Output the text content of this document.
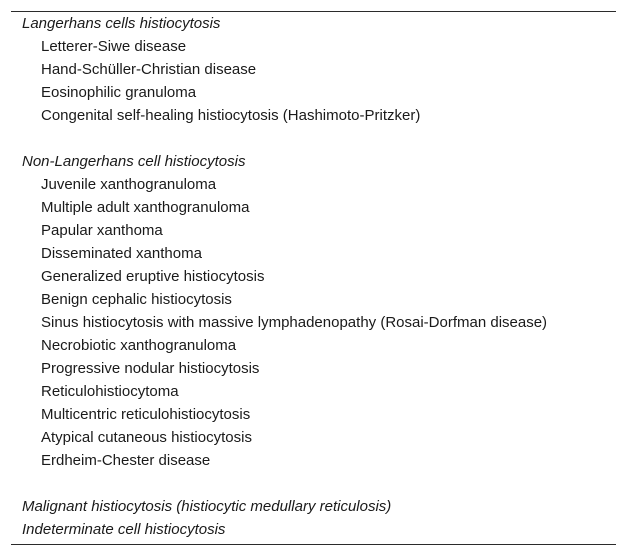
Langerhans cells histiocytosis
Letterer-Siwe disease
Hand-Schüller-Christian disease
Eosinophilic granuloma
Congenital self-healing histiocytosis (Hashimoto-Pritzker)
Non-Langerhans cell histiocytosis
Juvenile xanthogranuloma
Multiple adult xanthogranuloma
Papular xanthoma
Disseminated xanthoma
Generalized eruptive histiocytosis
Benign cephalic histiocytosis
Sinus histiocytosis with massive lymphadenopathy (Rosai-Dorfman disease)
Necrobiotic xanthogranuloma
Progressive nodular histiocytosis
Reticulohistiocytoma
Multicentric reticulohistiocytosis
Atypical cutaneous histiocytosis
Erdheim-Chester disease
Malignant histiocytosis (histiocytic medullary reticulosis)
Indeterminate cell histiocytosis
